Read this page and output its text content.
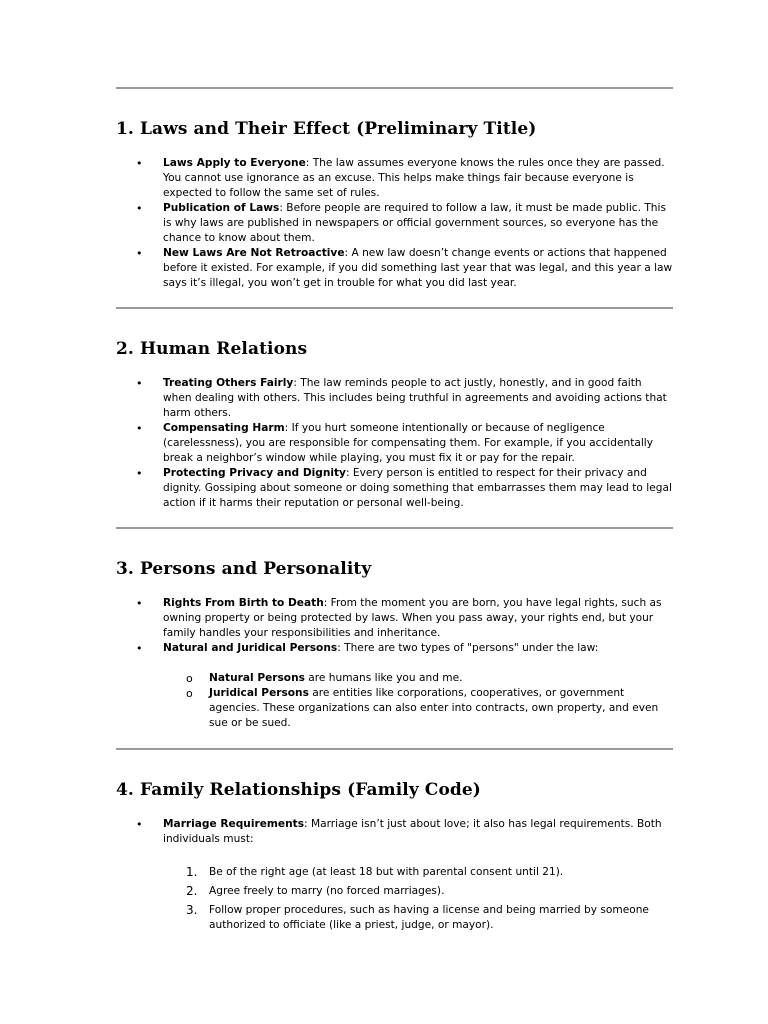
1. Laws and Their Effect (Preliminary Title)
• Laws Apply to Everyone: The law assumes everyone knows the rules once they are passed. You cannot use ignorance as an excuse. This helps make things fair because everyone is expected to follow the same set of rules.
• Publication of Laws: Before people are required to follow a law, it must be made public. This is why laws are published in newspapers or official government sources, so everyone has the chance to know about them.
• New Laws Are Not Retroactive: A new law doesn’t change events or actions that happened before it existed. For example, if you did something last year that was legal, and this year a law says it’s illegal, you won’t get in trouble for what you did last year.
2. Human Relations
• Treating Others Fairly: The law reminds people to act justly, honestly, and in good faith when dealing with others. This includes being truthful in agreements and avoiding actions that harm others.
• Compensating Harm: If you hurt someone intentionally or because of negligence (carelessness), you are responsible for compensating them. For example, if you accidentally break a neighbor’s window while playing, you must fix it or pay for the repair.
• Protecting Privacy and Dignity: Every person is entitled to respect for their privacy and dignity. Gossiping about someone or doing something that embarrasses them may lead to legal action if it harms their reputation or personal well-being.
3. Persons and Personality
• Rights From Birth to Death: From the moment you are born, you have legal rights, such as owning property or being protected by laws. When you pass away, your rights end, but your family handles your responsibilities and inheritance.
• Natural and Juridical Persons: There are two types of "persons" under the law:
o Natural Persons are humans like you and me.
o Juridical Persons are entities like corporations, cooperatives, or government agencies. These organizations can also enter into contracts, own property, and even sue or be sued.
4. Family Relationships (Family Code)
• Marriage Requirements: Marriage isn’t just about love; it also has legal requirements. Both individuals must:
1. Be of the right age (at least 18 but with parental consent until 21).
2. Agree freely to marry (no forced marriages).
3. Follow proper procedures, such as having a license and being married by someone authorized to officiate (like a priest, judge, or mayor).
